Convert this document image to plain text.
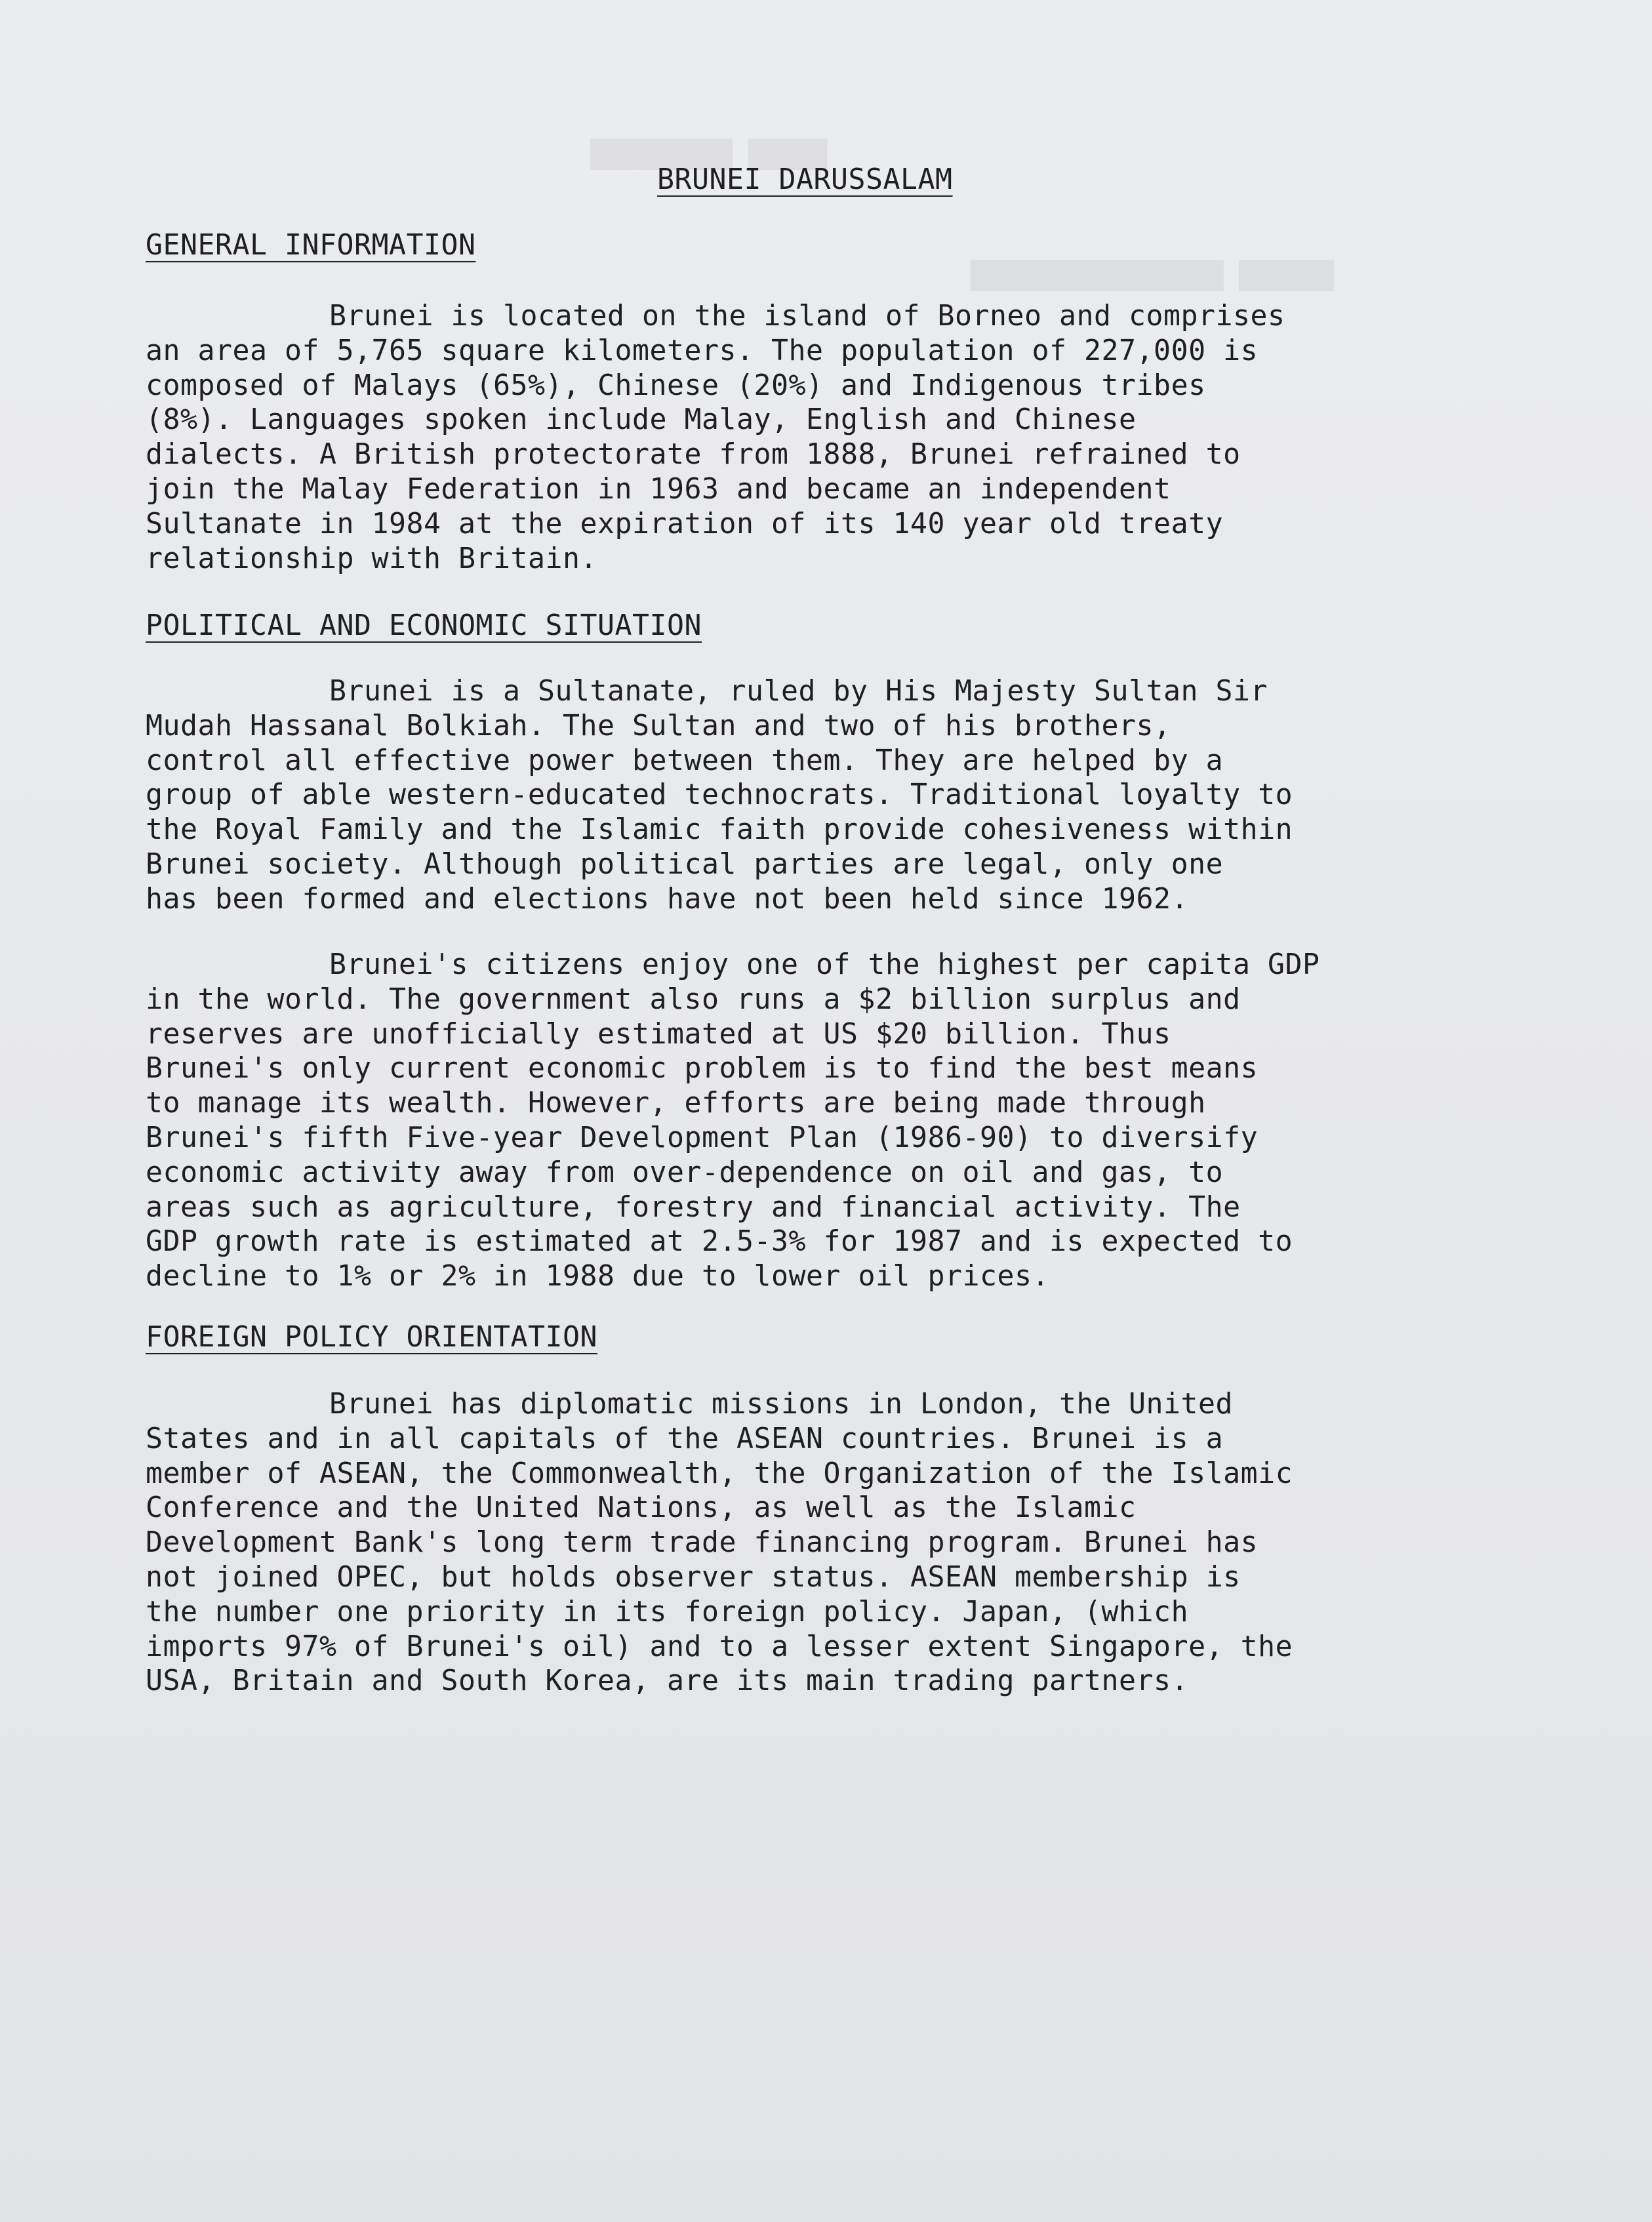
█████ █████████
██████ ████████████████
BRUNEI DARUSSALAM
GENERAL INFORMATION

Brunei is located on the island of Borneo and comprises
an area of 5,765 square kilometers. The population of 227,000 is
composed of Malays (65%), Chinese (20%) and Indigenous tribes
(8%). Languages spoken include Malay, English and Chinese
dialects. A British protectorate from 1888, Brunei refrained to
join the Malay Federation in 1963 and became an independent
Sultanate in 1984 at the expiration of its 140 year old treaty
relationship with Britain.

POLITICAL AND ECONOMIC SITUATION

Brunei is a Sultanate, ruled by His Majesty Sultan Sir
Mudah Hassanal Bolkiah. The Sultan and two of his brothers,
control all effective power between them. They are helped by a
group of able western-educated technocrats. Traditional loyalty to
the Royal Family and the Islamic faith provide cohesiveness within
Brunei society. Although political parties are legal, only one
has been formed and elections have not been held since 1962.

Brunei's citizens enjoy one of the highest per capita GDP
in the world. The government also runs a $2 billion surplus and
reserves are unofficially estimated at US $20 billion. Thus
Brunei's only current economic problem is to find the best means
to manage its wealth. However, efforts are being made through
Brunei's fifth Five-year Development Plan (1986-90) to diversify
economic activity away from over-dependence on oil and gas, to
areas such as agriculture, forestry and financial activity. The
GDP growth rate is estimated at 2.5-3% for 1987 and is expected to
decline to 1% or 2% in 1988 due to lower oil prices.

FOREIGN POLICY ORIENTATION

Brunei has diplomatic missions in London, the United
States and in all capitals of the ASEAN countries. Brunei is a
member of ASEAN, the Commonwealth, the Organization of the Islamic
Conference and the United Nations, as well as the Islamic
Development Bank's long term trade financing program. Brunei has
not joined OPEC, but holds observer status. ASEAN membership is
the number one priority in its foreign policy. Japan, (which
imports 97% of Brunei's oil) and to a lesser extent Singapore, the
USA, Britain and South Korea, are its main trading partners.
